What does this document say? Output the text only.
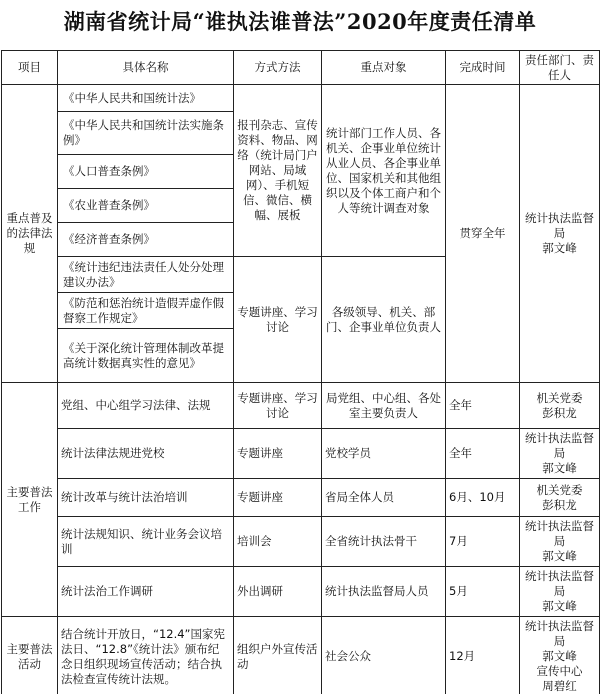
湖南省统计局“谁执法谁普法”2020年度责任清单
项目	具体名称	方式方法	重点对象	完成时间	责任部门、责任人
重点普及的法律法规	《中华人民共和国统计法》	报刊杂志、宣传资料、物品、网络（统计局门户网站、局域网）、手机短信、微信、横幅、展板	统计部门工作人员、各机关、企事业单位统计从业人员、各企事业单位、国家机关和其他组织以及个体工商户和个人等统计调查对象	贯穿全年	统计执法监督局
郭文峰
	《中华人民共和国统计法实施条例》				
	《人口普查条例》				
	《农业普查条例》				
	《经济普查条例》				
	《统计违纪违法责任人处分处理建议办法》	专题讲座、学习讨论	各级领导、机关、部门、企事业单位负责人		
	《防范和惩治统计造假弄虚作假督察工作规定》				
	《关于深化统计管理体制改革提高统计数据真实性的意见》				
主要普法工作	党组、中心组学习法律、法规	专题讲座、学习讨论	局党组、中心组、各处室主要负责人	全年	机关党委
彭积龙
	统计法律法规进党校	专题讲座	党校学员	全年	统计执法监督局
郭文峰
	统计改革与统计法治培训	专题讲座	省局全体人员	6月、10月	机关党委
彭积龙
	统计法规知识、统计业务会议培训	培训会	全省统计执法骨干	7月	统计执法监督局
郭文峰
	统计法治工作调研	外出调研	统计执法监督局人员	5月	统计执法监督局
郭文峰
主要普法活动	结合统计开放日，“12.4”国家宪法日、“12.8”《统计法》颁布纪念日组织现场宣传活动；结合执法检查宣传统计法规。	组织户外宣传活动	社会公众	12月	统计执法监督局
郭文峰
宣传中心
周碧红
